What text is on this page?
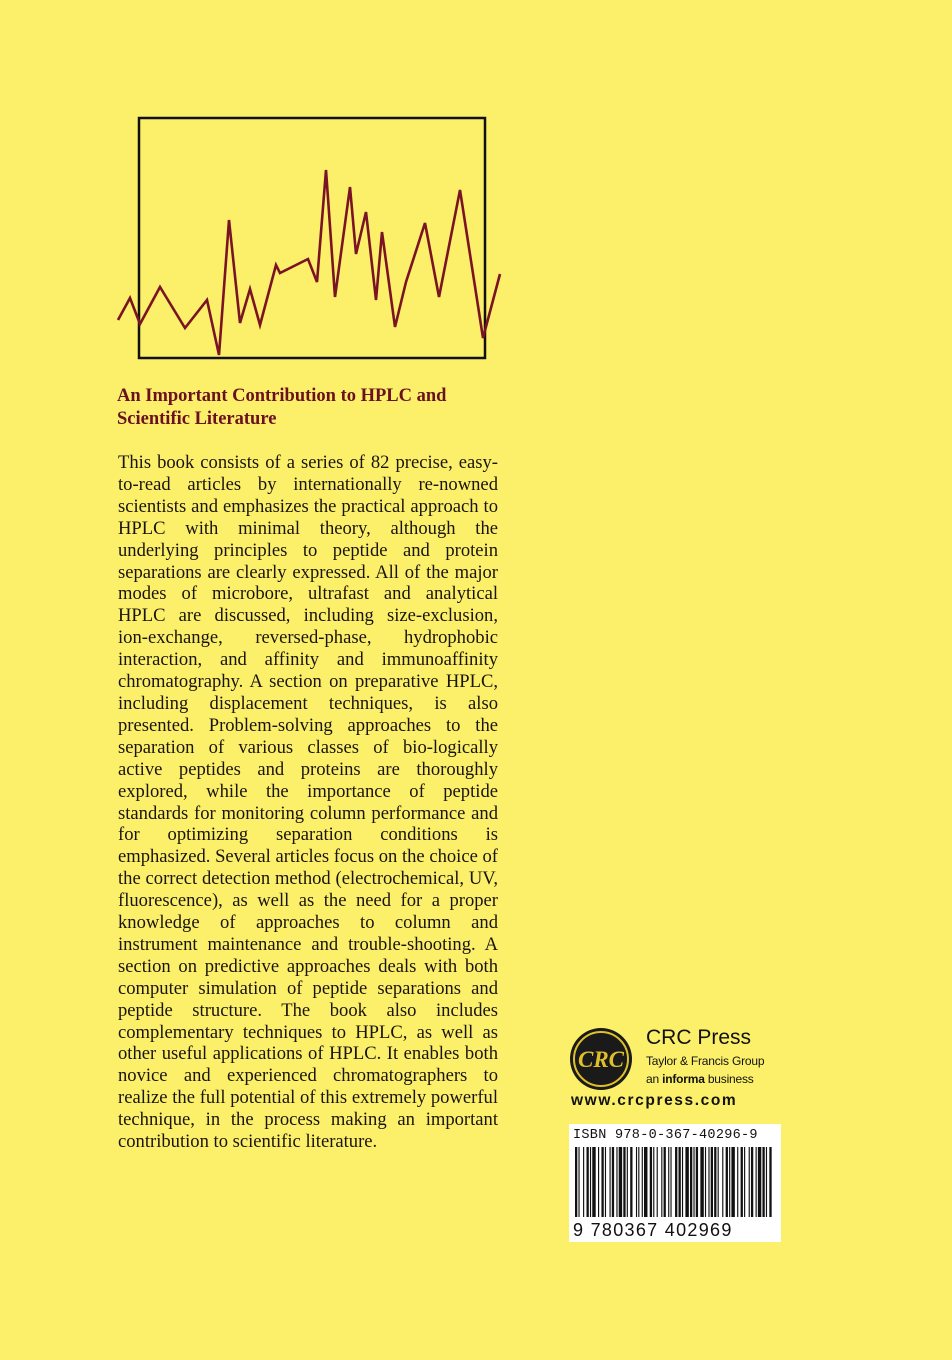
An Important Contribution to HPLC and Scientific Literature

This book consists of a series of 82 precise, easy-to-read articles by internationally re-nowned scientists and emphasizes the practical approach to HPLC with minimal theory, although the underlying principles to peptide and protein separations are clearly expressed. All of the major modes of microbore, ultrafast and analytical HPLC are discussed, including size-exclusion, ion-exchange, reversed-phase, hydrophobic interaction, and affinity and immunoaffinity chromatography. A section on preparative HPLC, including displacement techniques, is also presented. Problem-solving approaches to the separation of various classes of bio-logically active peptides and proteins are thoroughly explored, while the importance of peptide standards for monitoring column performance and for optimizing separation conditions is emphasized. Several articles focus on the choice of the correct detection method (electrochemical, UV, fluorescence), as well as the need for a proper knowledge of approaches to column and instrument maintenance and trouble-shooting. A section on predictive approaches deals with both computer simulation of peptide separations and peptide structure. The book also includes complementary techniques to HPLC, as well as other useful applications of HPLC. It enables both novice and experienced chromatographers to realize the full potential of this extremely powerful technique, in the process making an important contribution to scientific literature.

CRC
CRC Press
Taylor & Francis Group
an informa business
www.crcpress.com
ISBN 978-0-367-40296-9
9 780367 402969
